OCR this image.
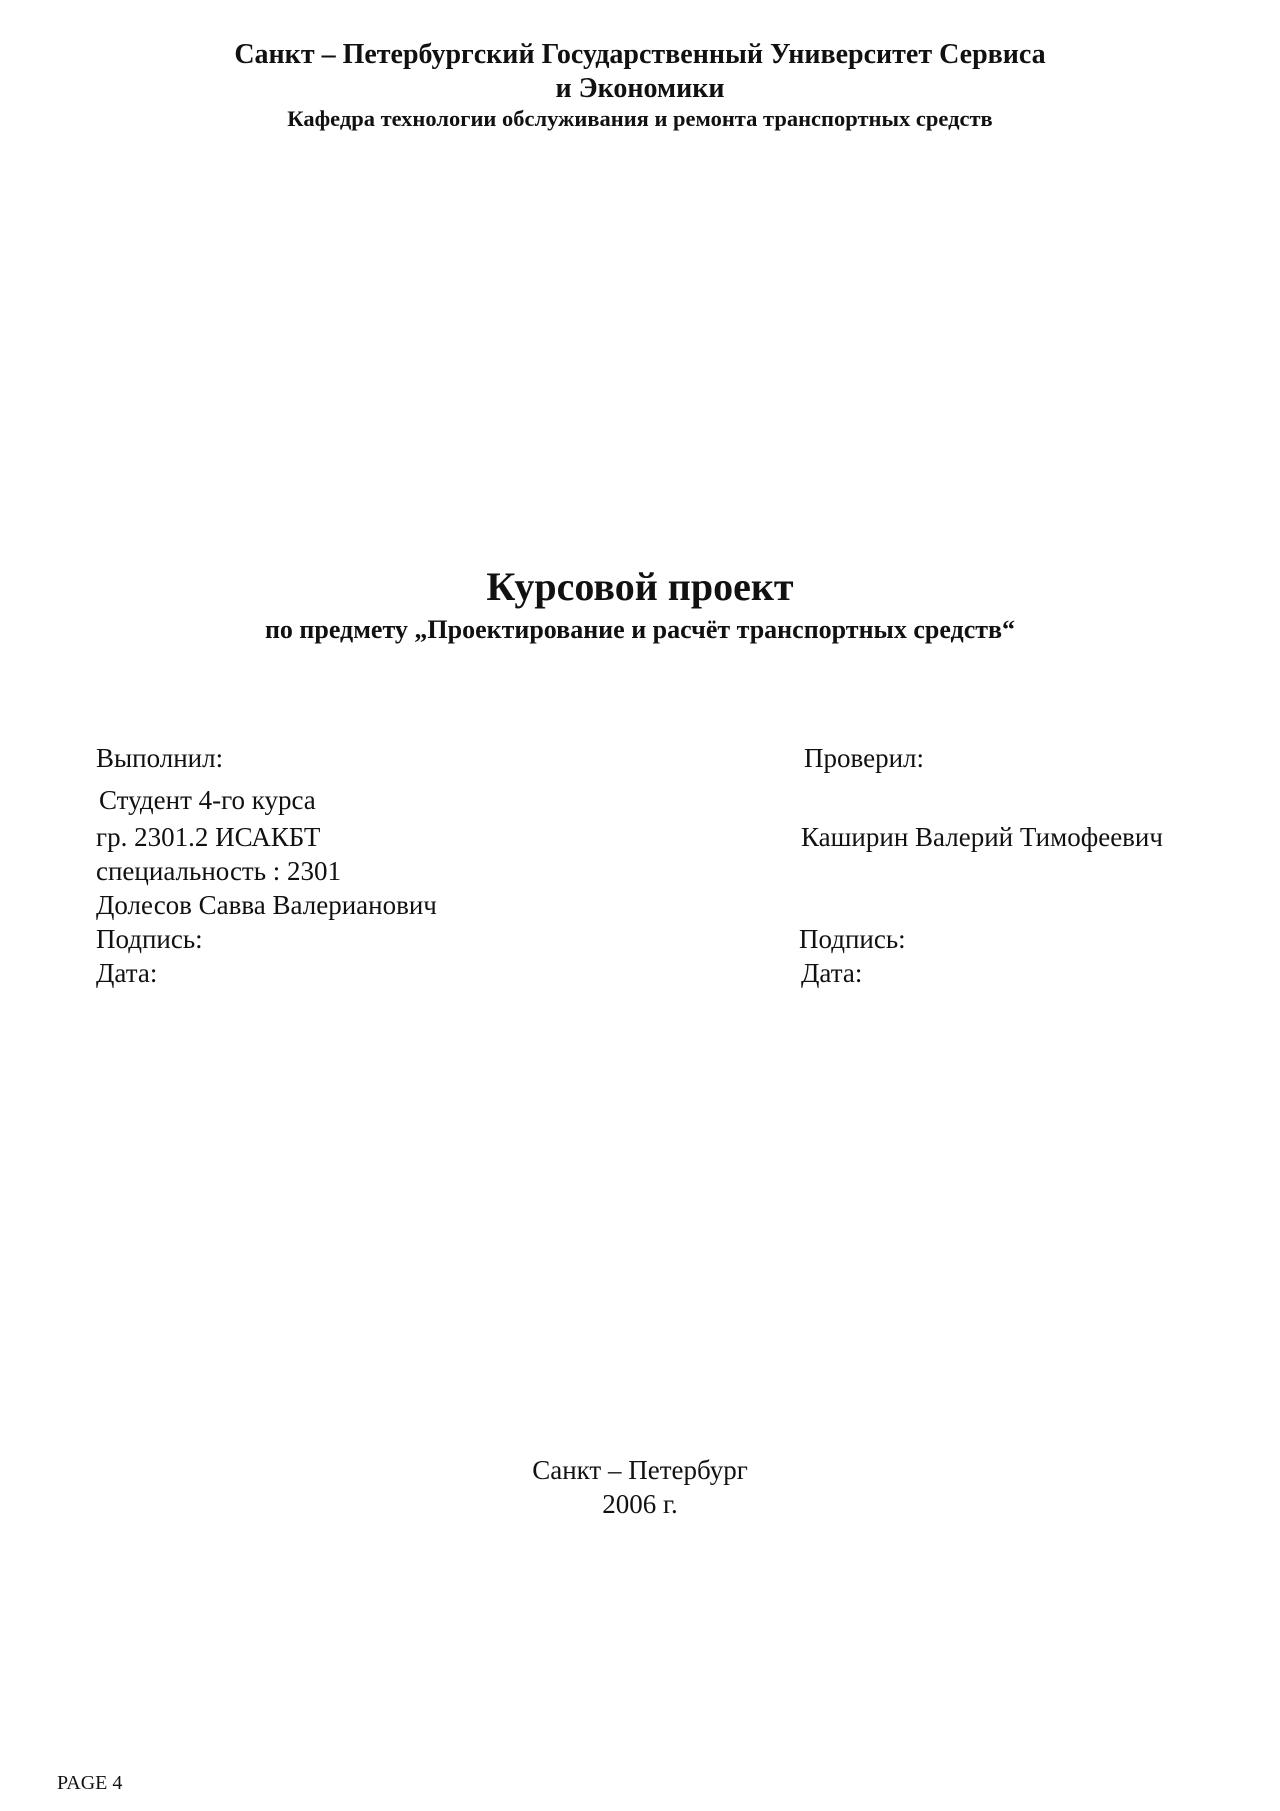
Санкт – Петербургский Государственный Университет Сервиса
и Экономики
Кафедра технологии обслуживания и ремонта транспортных средств
Курсовой проект
по предмету „Проектирование и расчёт транспортных средств“
Выполнил:
Студент 4-го курса
гр. 2301.2 ИСАКБТ
специальность : 2301
Долесов Савва Валерианович
Подпись:
Дата:
Проверил:
Каширин Валерий Тимофеевич
Подпись:
Дата:
Санкт – Петербург
2006 г.
PAGE 4
